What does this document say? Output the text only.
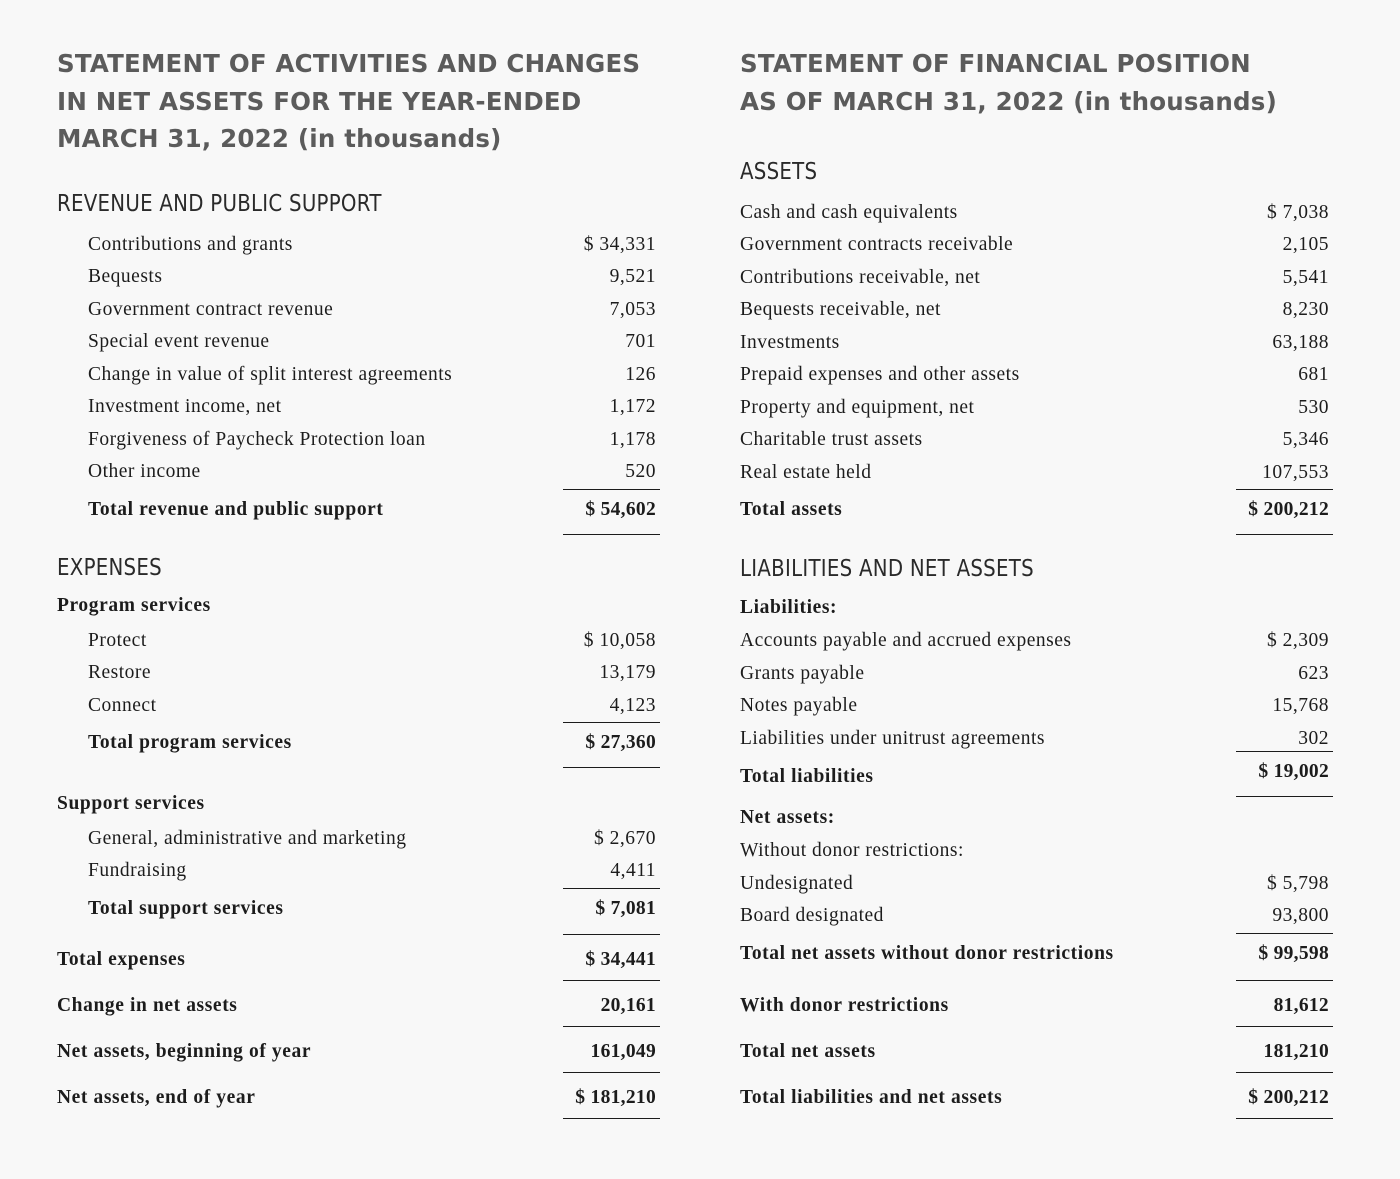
STATEMENT OF ACTIVITIES AND CHANGES
IN NET ASSETS FOR THE YEAR-ENDED
MARCH 31, 2022 (in thousands)
REVENUE AND PUBLIC SUPPORT
Contributions and grants	$ 34,331
Bequests	9,521
Government contract revenue	7,053
Special event revenue	701
Change in value of split interest agreements	126
Investment income, net	1,172
Forgiveness of Paycheck Protection loan	1,178
Other income	520
Total revenue and public support	$ 54,602
EXPENSES
Program services
Protect	$ 10,058
Restore	13,179
Connect	4,123
Total program services	$ 27,360
Support services
General, administrative and marketing	$ 2,670
Fundraising	4,411
Total support services	$ 7,081
Total expenses	$ 34,441
Change in net assets	20,161
Net assets, beginning of year	161,049
Net assets, end of year	$ 181,210
STATEMENT OF FINANCIAL POSITION
AS OF MARCH 31, 2022 (in thousands)
ASSETS
Cash and cash equivalents	$ 7,038
Government contracts receivable	2,105
Contributions receivable, net	5,541
Bequests receivable, net	8,230
Investments	63,188
Prepaid expenses and other assets	681
Property and equipment, net	530
Charitable trust assets	5,346
Real estate held	107,553
Total assets	$ 200,212
LIABILITIES AND NET ASSETS
Liabilities:
Accounts payable and accrued expenses	$ 2,309
Grants payable	623
Notes payable	15,768
Liabilities under unitrust agreements	302
Total liabilities	$ 19,002
Net assets:
Without donor restrictions:
Undesignated	$ 5,798
Board designated	93,800
Total net assets without donor restrictions	$ 99,598
With donor restrictions	81,612
Total net assets	181,210
Total liabilities and net assets	$ 200,212
